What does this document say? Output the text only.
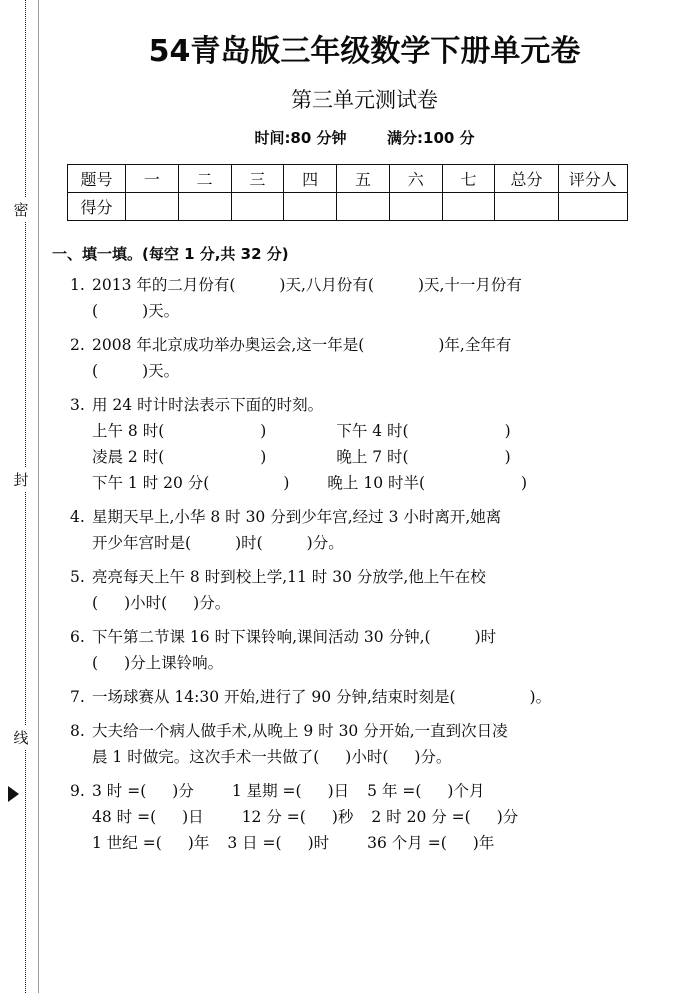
密
封
线
54青岛版三年级数学下册单元卷
第三单元测试卷
时间:80 分钟	满分:100 分
题号	一	二	三	四	五	六	七	总分	评分人
得分									
一、填一填。(每空 1 分,共 32 分)
1. 2013 年的二月份有(	)天,八月份有(	)天,十一月份有
(	)天。
2. 2008 年北京成功举办奥运会,这一年是(	)年,全年有
(	)天。
3. 用 24 时计时法表示下面的时刻。
上午 8 时(	)	下午 4 时(	)
凌晨 2 时(	)	晚上 7 时(	)
下午 1 时 20 分(	) 晚上 10 时半(	)
4. 星期天早上,小华 8 时 30 分到少年宫,经过 3 小时离开,她离
开少年宫时是(	)时(	)分。
5. 亮亮每天上午 8 时到校上学,11 时 30 分放学,他上午在校
( )小时( )分。
6. 下午第二节课 16 时下课铃响,课间活动 30 分钟,(	)时
( )分上课铃响。
7. 一场球赛从 14:30 开始,进行了 90 分钟,结束时刻是(	)。
8. 大夫给一个病人做手术,从晚上 9 时 30 分开始,一直到次日凌
晨 1 时做完。这次手术一共做了( )小时( )分。
9. 3 时 =( )分 1 星期 =( )日 5 年 =( )个月
48 时 =( )日 12 分 =( )秒 2 时 20 分 =( )分
1 世纪 =( )年 3 日 =( )时 36 个月 =( )年
